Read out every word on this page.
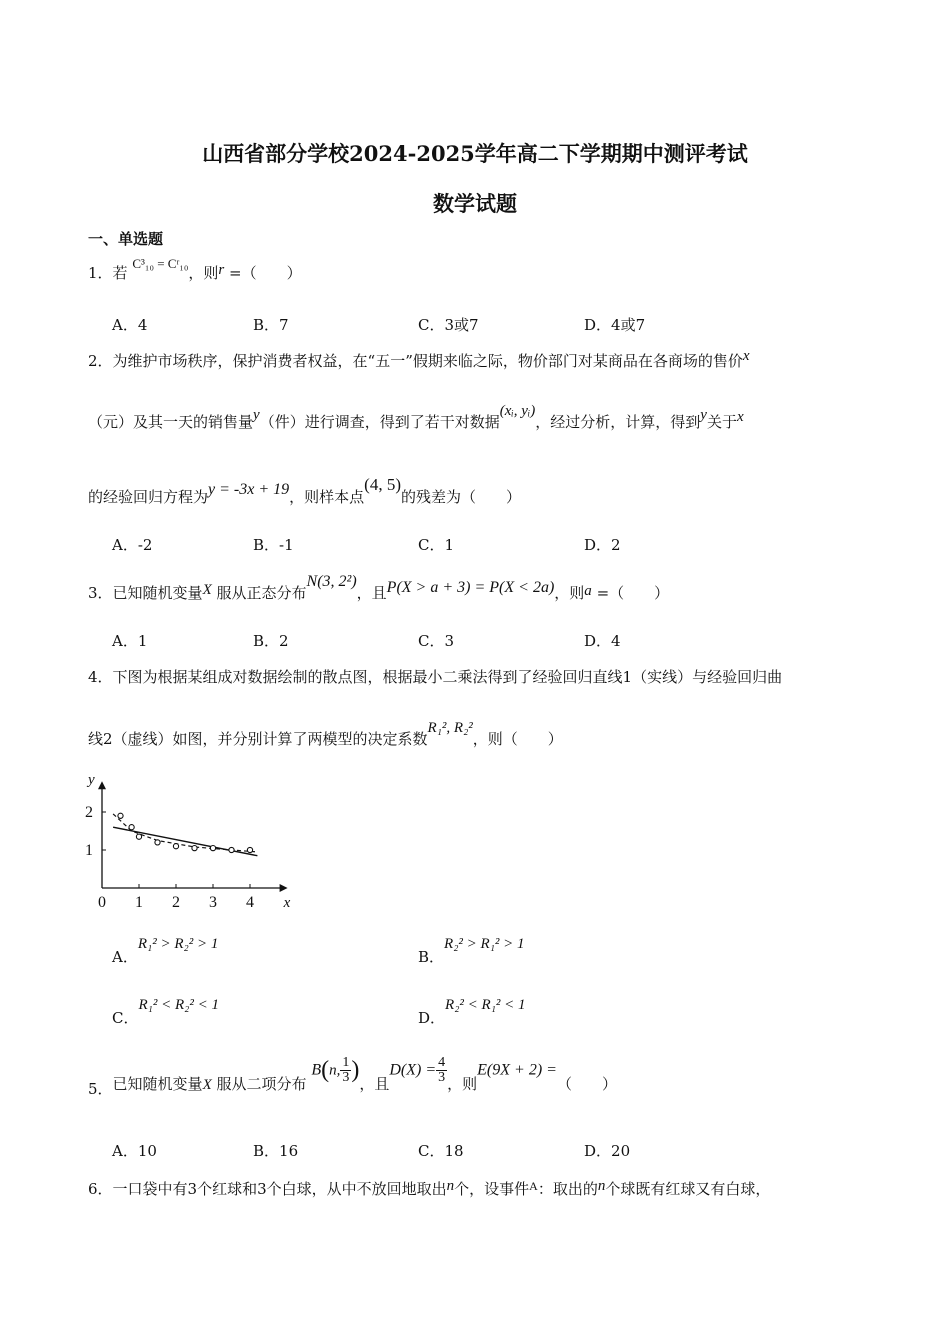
山西省部分学校2024-2025学年高二下学期期中测评考试
数学试题
一、单选题
1．若 C³₁₀ = Cʳ₁₀，则r =（　　）
A．4	B．7	C．3或7	D．4或7
2．为维护市场秩序，保护消费者权益，在“五一”假期来临之际，物价部门对某商品在各商场的售价x
（元）及其一天的销售量y（件）进行调查，得到了若干对数据(xᵢ, yᵢ)，经过分析，计算，得到y关于x
的经验回归方程为y = -3x + 19，则样本点(4, 5)的残差为（　　）
A．-2	B．-1	C．1	D．2
3．已知随机变量X 服从正态分布N(3, 2²)，且P(X > a + 3) = P(X < 2a)，则a =（　　）
A．1	B．2	C．3	D．4
4．下图为根据某组成对数据绘制的散点图，根据最小二乘法得到了经验回归直线1（实线）与经验回归曲
线2（虚线）如图，并分别计算了两模型的决定系数R₁², R₂²，则（　　）
0 1 2 3 4
1
2
x
y
A．R₁² > R₂² > 1
B．R₂² > R₁² > 1
C．R₁² < R₂² < 1
D．R₂² < R₁² < 1
5．已知随机变量X 服从二项分布 B(n, $\frac{1}{3}$ )，且$D(X) = \frac{4}{3}$ ，则E(9X + 2) =（　　）
A．10	B．16	C．18	D．20
6．一口袋中有3个红球和3个白球，从中不放回地取出n个，设事件$^A$：取出的n个球既有红球又有白球，
